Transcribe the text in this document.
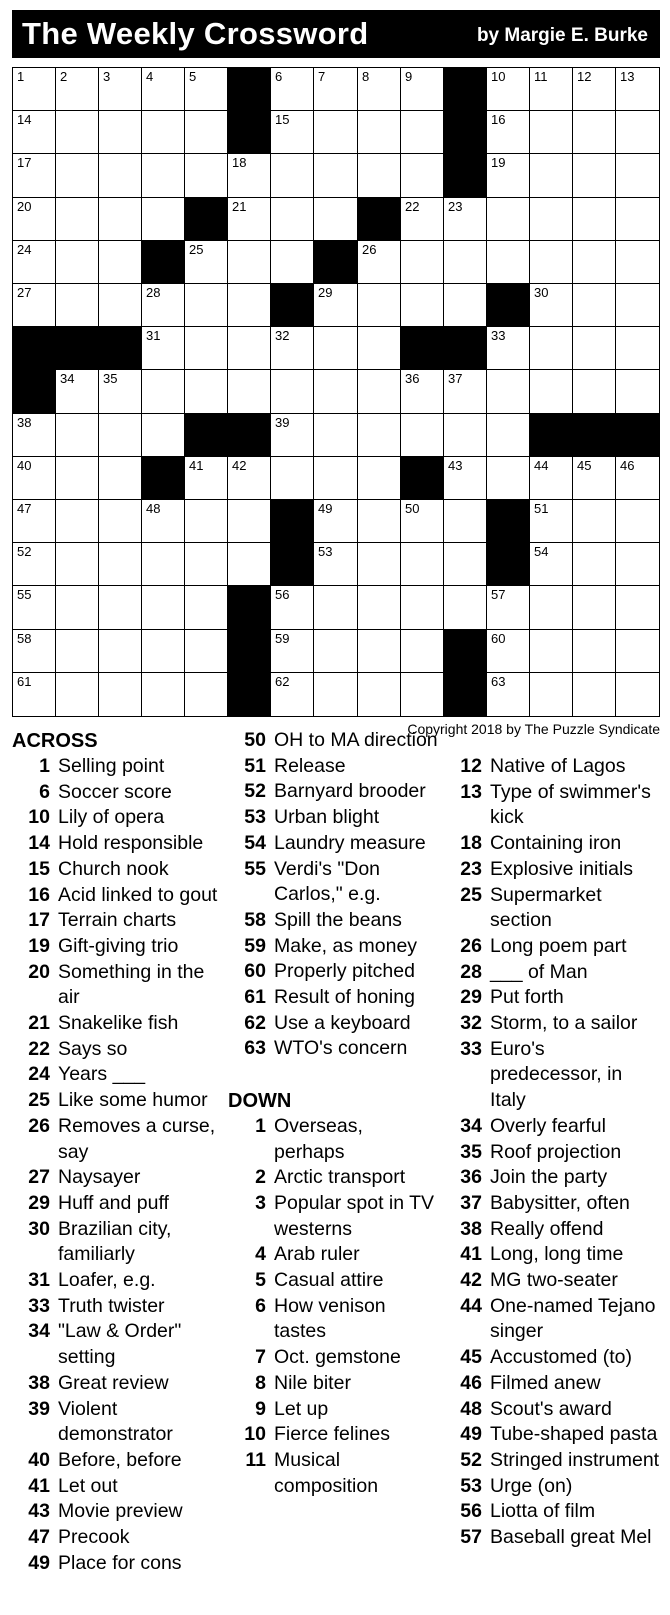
The Weekly Crossword	by Margie E. Burke
1	2	3	4	5	6	7	8	9	10 11 12 13
14	15	16
17	18	19
20	21	22 23
24	25	26
27	28	29	30
31	32	33
34 35	36 37
38	39
40	41 42	43	44 45 46
47	48	49	50	51
52	53	54
55	56	57
58	59	60
61	62	63
Copyright 2018 by The Puzzle Syndicate
ACROSS
1 Selling point
6 Soccer score
10 Lily of opera
14 Hold responsible
15 Church nook
16 Acid linked to gout
17 Terrain charts
19 Gift-giving trio
20 Something in the air
21 Snakelike fish
22 Says so
24 Years ___
25 Like some humor
26 Removes a curse, say
27 Naysayer
29 Huff and puff
30 Brazilian city, familiarly
31 Loafer, e.g.
33 Truth twister
34 "Law & Order" setting
38 Great review
39 Violent demonstrator
40 Before, before
41 Let out
43 Movie preview
47 Precook
49 Place for cons
50 OH to MA direction
51 Release
52 Barnyard brooder
53 Urban blight
54 Laundry measure
55 Verdi's "Don Carlos," e.g.
58 Spill the beans
59 Make, as money
60 Properly pitched
61 Result of honing
62 Use a keyboard
63 WTO's concern
DOWN
1 Overseas, perhaps
2 Arctic transport
3 Popular spot in TV westerns
4 Arab ruler
5 Casual attire
6 How venison tastes
7 Oct. gemstone
8 Nile biter
9 Let up
10 Fierce felines
11 Musical composition
12 Native of Lagos
13 Type of swimmer's kick
18 Containing iron
23 Explosive initials
25 Supermarket section
26 Long poem part
28 ___ of Man
29 Put forth
32 Storm, to a sailor
33 Euro's predecessor, in Italy
34 Overly fearful
35 Roof projection
36 Join the party
37 Babysitter, often
38 Really offend
41 Long, long time
42 MG two-seater
44 One-named Tejano singer
45 Accustomed (to)
46 Filmed anew
48 Scout's award
49 Tube-shaped pasta
52 Stringed instrument
53 Urge (on)
56 Liotta of film
57 Baseball great Mel
